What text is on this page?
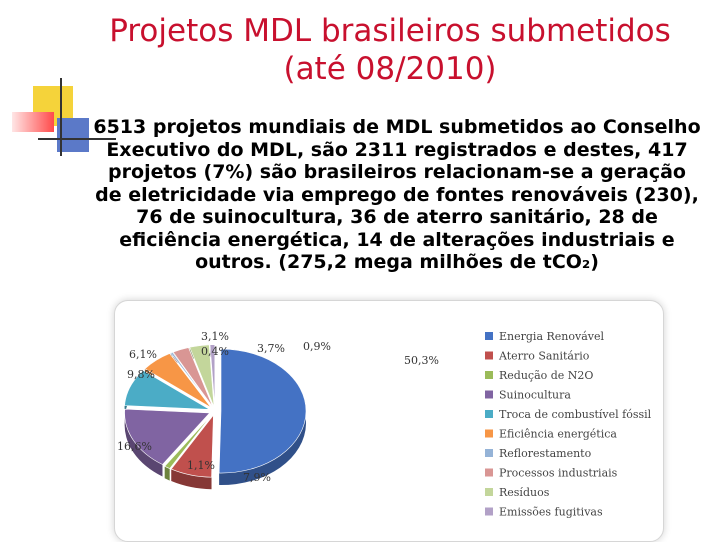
Projetos MDL brasileiros submetidos
(até 08/2010)
6513 projetos mundiais de MDL submetidos ao Conselho Executivo do MDL, são 2311 registrados e destes, 417 projetos (7%) são brasileiros relacionam-se a geração de eletricidade via emprego de fontes renováveis (230), 76 de suinocultura, 36 de aterro sanitário, 28 de eficiência energética, 14 de alterações industriais e outros. (275,2 mega milhões de tCO₂)
50,3%
7,9%
1,1%
16,6%
9,8%
6,1%	0,4%
3,1%
3,7% 0,9%
Energia Renovável
Aterro Sanitário
Redução de N2O
Suinocultura
Troca de combustível fóssil
Eficiência energética
Reflorestamento
Processos industriais
Resíduos
Emissões fugitivas
